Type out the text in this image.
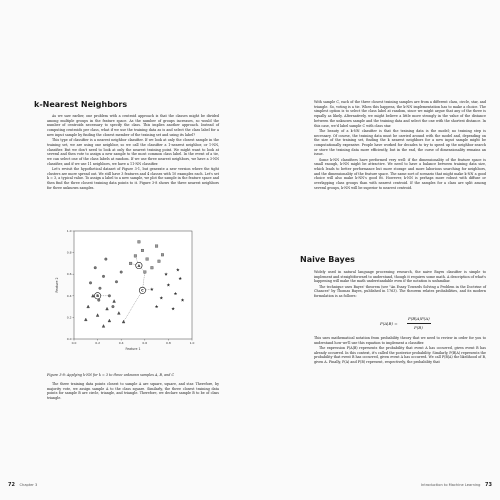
k-Nearest Neighbors

As we saw earlier, one problem with a centroid approach is that the classes might be divided among multiple groups in the feature space. As the number of groups increases, so would the number of centroids necessary to specify the class. This implies another approach. Instead of computing centroids per class, what if we use the training data as is and select the class label for a new input sample by finding the closest member of the training set and using its label?

This type of classifier is a nearest neighbor classifier. If we look at only the closest sample in the training set, we are using one neighbor, so we call the classifier a 1-nearest neighbor, or 1-NN, classifier. But we don't need to look at only the nearest training point. We might want to look at several and then vote to assign a new sample to the most common class label. In the event of a tie, we can select one of the class labels at random. If we use three nearest neighbors, we have a 3-NN classifier, and if we use 11 neighbors, we have a 11-NN classifier.

Let's revisit the hypothetical dataset of Figure 3-1, but generate a new version where the tight clusters are more spread out. We still have 3 features and 4 classes with 10 examples each. Let's set k = 3, a typical value. To assign a label to a new sample, we plot the sample in the feature space and then find the three closest training data points to it. Figure 3-8 shows the three nearest neighbors for three unknown samples.

0.0	0.2	0.4	0.6	0.8	1.0
0.0
0.2
0.4
0.6
0.8
1.0
Feature 1
Feature 2
A
B
C
Figure 3-8: Applying k-NN for k = 3 to three unknown samples A, B, and C

The three training data points closest to sample A are square, square, and star. Therefore, by majority vote, we assign sample A to the class square. Similarly, the three closest training data points for sample B are circle, triangle, and triangle. Therefore, we declare sample B to be of class triangle.

72 Chapter 3

With sample C, each of the three closest training samples are from a different class, circle, star, and triangle. So, voting is a tie. When this happens, the k-NN implementation has to make a choice. The simplest option is to select the class label at random, since we might argue that any of the three is equally as likely. Alternatively, we might believe a little more strongly in the value of the distance between the unknown sample and the training data and select the one with the shortest distance. In this case, we'd label sample C with class star.

The beauty of a k-NN classifier is that the training data is the model; no training step is necessary. Of course, the training data must be carried around with the model and, depending on the size of the training set, finding the k nearest neighbors for a new input sample might be computationally expensive. People have worked for decades to try to speed up the neighbor search or store the training data more efficiently, but in the end, the curse of dimensionality remains an issue.

Some k-NN classifiers have performed very well: if the dimensionality of the feature space is small enough, k-NN might be attractive. We need to have a balance between training data size, which leads to better performance but more storage and more laborious searching for neighbors, and the dimensionality of the feature space. The same sort of scenario that might make k-NN a good choice will also make k-NN's good fit. However, k-NN is perhaps more robust with diffuse or overlapping class groups than with nearest centroid. If the samples for a class are split among several groups, k-NN will be superior to nearest centroid.

Naive Bayes

Widely used in natural language processing research, the naive Bayes classifier is simple to implement and straightforward to understand, though it requires some math. A description of what's happening will make the math understandable even if the notation is unfamiliar.

The technique uses Bayes' theorem (see "An Essay Towards Solving a Problem in the Doctrine of Chances" by Thomas Bayes, published in 1763). The theorem relates probabilities, and its modern formulation is as follows:

P(A|B) =
P(B|A)P(A)
P(B)

This uses mathematical notation from probability theory that we need to review in order for you to understand how we'll use this equation to implement a classifier.

The expression P(A|B) represents the probability that event A has occurred, given event B has already occurred. In this context, it's called the posterior probability. Similarly, P(B|A) represents the probability that event B has occurred, given event A has occurred. We call P(B|A) the likelihood of B, given A. Finally, P(A) and P(B) represent, respectively, the probability that

Introduction to Machine Learning 73
